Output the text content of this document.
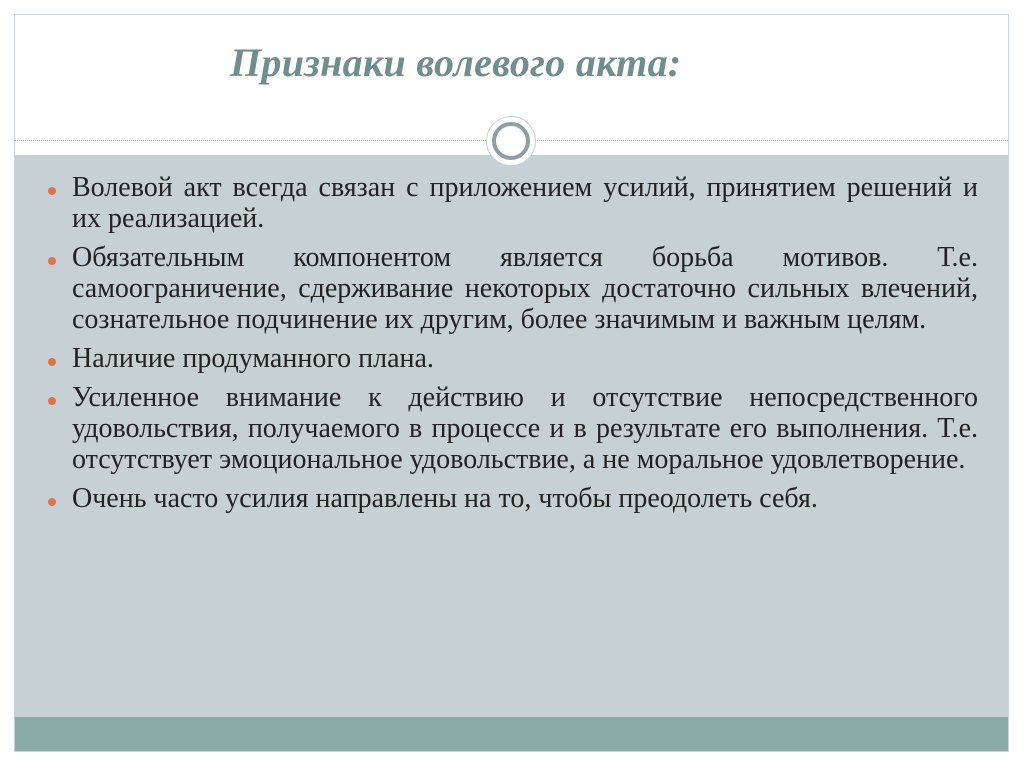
Признаки волевого акта:
Волевой акт всегда связан с приложением усилий, принятием решений и их реализацией.
Обязательным компонентом является борьба мотивов. Т.е. самоограничение, сдерживание некоторых достаточно сильных влечений, сознательное подчинение их другим, более значимым и важным целям.
Наличие продуманного плана.
Усиленное внимание к действию и отсутствие непосредственного удовольствия, получаемого в процессе и в результате его выполнения. Т.е. отсутствует эмоциональное удовольствие, а не моральное удовлетворение.
Очень часто усилия направлены на то, чтобы преодолеть себя.
